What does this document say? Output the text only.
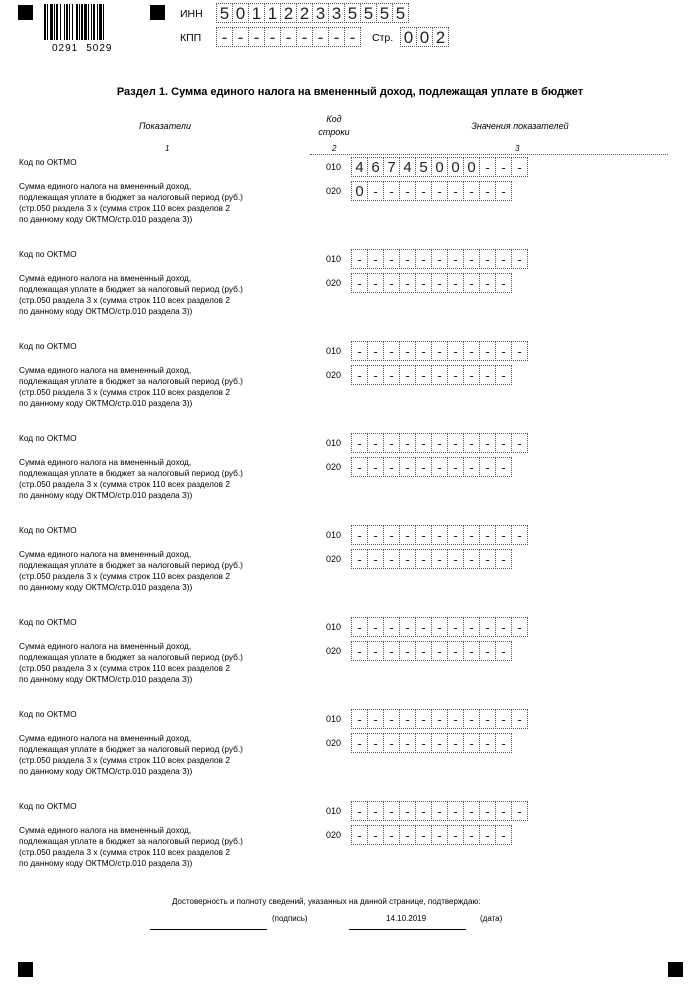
0291 5029
ИНН 5 0 1 1 2 2 3 3 5 5 5 5
КПП	- - - - - - - - -	Стр. 0 0 2
Раздел 1. Сумма единого налога на вмененный доход, подлежащая уплате в бюджет
Показатели
Код
строки
Значения показателей
1	2	3
Код по ОКТМО	010 4 6 7 4 5 0 0 0 - - -
Сумма единого налога на вмененный доход,
подлежащая уплате в бюджет за налоговый период (руб.)
(стр.050 раздела 3 х (сумма строк 110 всех разделов 2
по данному коду ОКТМО/стр.010 раздела 3))
020 0 - - - - - - - - -
Код по ОКТМО	010	- - - - - - - - - - -
Сумма единого налога на вмененный доход,
подлежащая уплате в бюджет за налоговый период (руб.)
(стр.050 раздела 3 х (сумма строк 110 всех разделов 2
по данному коду ОКТМО/стр.010 раздела 3))
020	- - - - - - - - - -
Код по ОКТМО	010	- - - - - - - - - - -
Сумма единого налога на вмененный доход,
подлежащая уплате в бюджет за налоговый период (руб.)
(стр.050 раздела 3 х (сумма строк 110 всех разделов 2
по данному коду ОКТМО/стр.010 раздела 3))
020	- - - - - - - - - -
Код по ОКТМО	010	- - - - - - - - - - -
Сумма единого налога на вмененный доход,
подлежащая уплате в бюджет за налоговый период (руб.)
(стр.050 раздела 3 х (сумма строк 110 всех разделов 2
по данному коду ОКТМО/стр.010 раздела 3))
020	- - - - - - - - - -
Код по ОКТМО	010	- - - - - - - - - - -
Сумма единого налога на вмененный доход,
подлежащая уплате в бюджет за налоговый период (руб.)
(стр.050 раздела 3 х (сумма строк 110 всех разделов 2
по данному коду ОКТМО/стр.010 раздела 3))
020	- - - - - - - - - -
Код по ОКТМО	010	- - - - - - - - - - -
Сумма единого налога на вмененный доход,
подлежащая уплате в бюджет за налоговый период (руб.)
(стр.050 раздела 3 х (сумма строк 110 всех разделов 2
по данному коду ОКТМО/стр.010 раздела 3))
020	- - - - - - - - - -
Код по ОКТМО	010	- - - - - - - - - - -
Сумма единого налога на вмененный доход,
подлежащая уплате в бюджет за налоговый период (руб.)
(стр.050 раздела 3 х (сумма строк 110 всех разделов 2
по данному коду ОКТМО/стр.010 раздела 3))
020	- - - - - - - - - -
Код по ОКТМО	010	- - - - - - - - - - -
Сумма единого налога на вмененный доход,
подлежащая уплате в бюджет за налоговый период (руб.)
(стр.050 раздела 3 х (сумма строк 110 всех разделов 2
по данному коду ОКТМО/стр.010 раздела 3))
020	- - - - - - - - - -
Достоверность и полноту сведений, указанных на данной странице, подтверждаю:
(подпись)	14.10.2019	(дата)
